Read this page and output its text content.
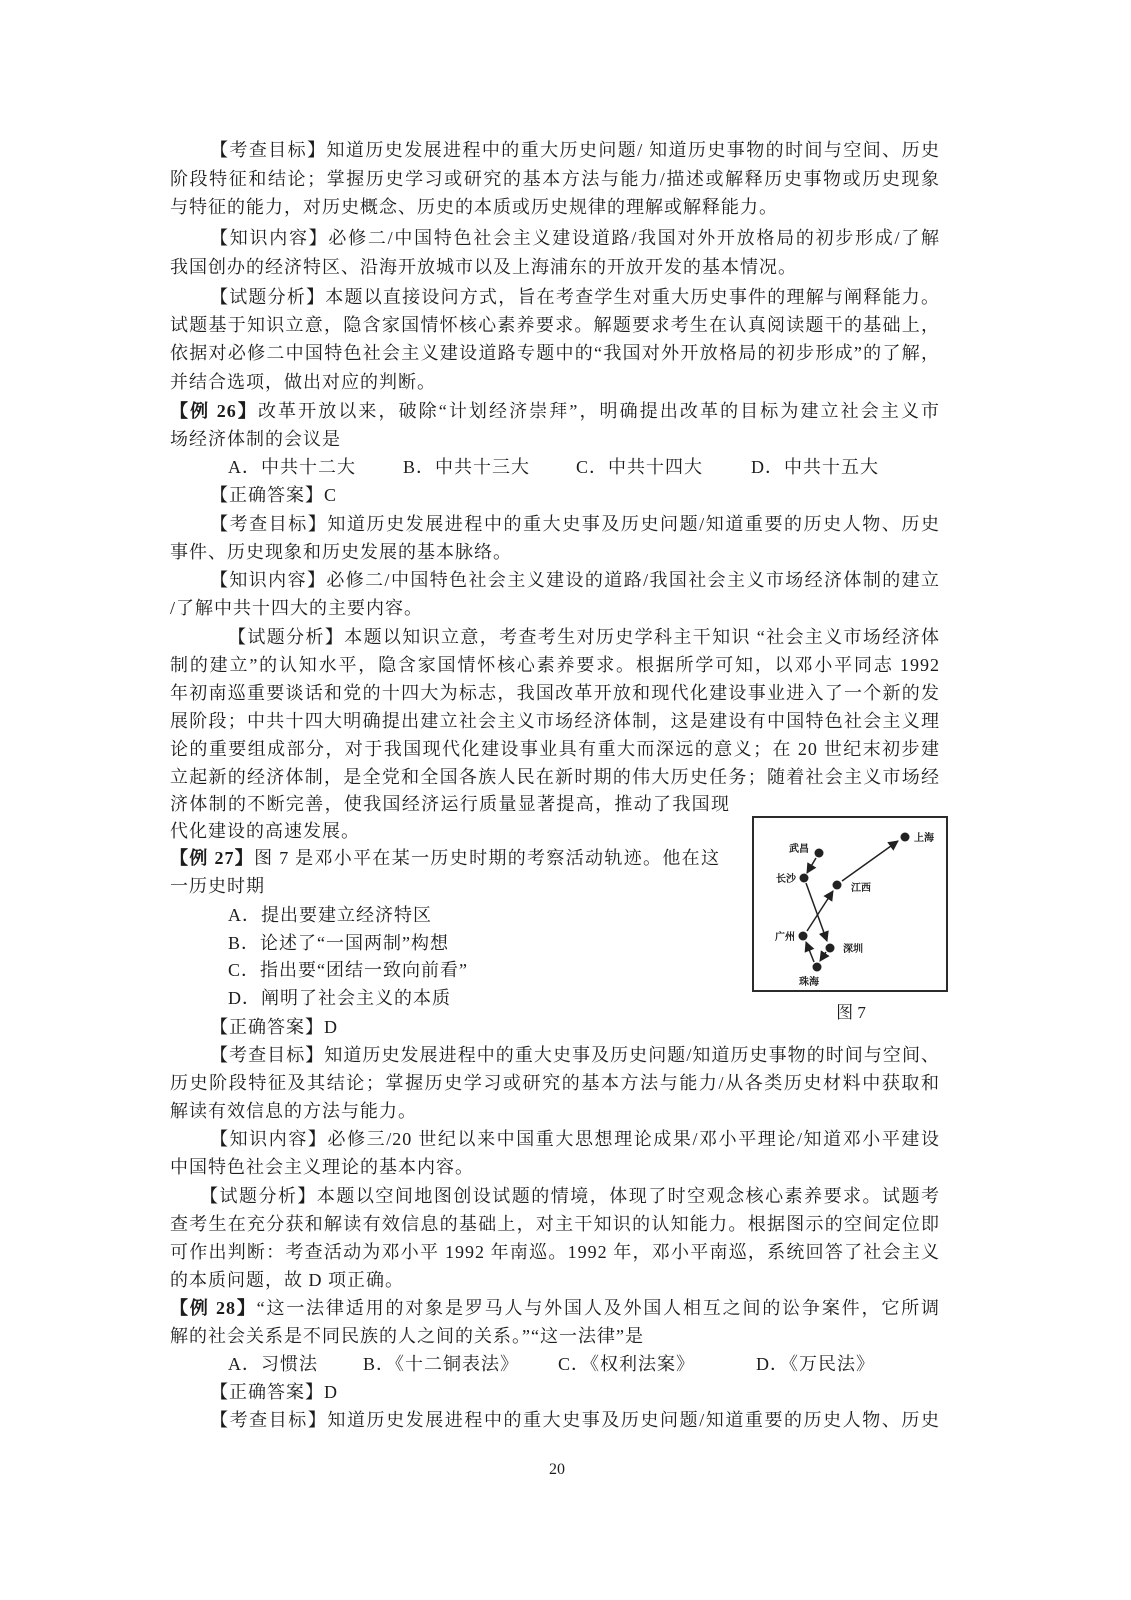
【考查目标】知道历史发展进程中的重大历史问题/ 知道历史事物的时间与空间、历史
阶段特征和结论；掌握历史学习或研究的基本方法与能力/描述或解释历史事物或历史现象
与特征的能力，对历史概念、历史的本质或历史规律的理解或解释能力。
【知识内容】必修二/中国特色社会主义建设道路/我国对外开放格局的初步形成/了解
我国创办的经济特区、沿海开放城市以及上海浦东的开放开发的基本情况。
【试题分析】本题以直接设问方式，旨在考查学生对重大历史事件的理解与阐释能力。
试题基于知识立意，隐含家国情怀核心素养要求。解题要求考生在认真阅读题干的基础上，
依据对必修二中国特色社会主义建设道路专题中的“我国对外开放格局的初步形成”的了解，
并结合选项，做出对应的判断。
【例 26】改革开放以来，破除“计划经济崇拜”，明确提出改革的目标为建立社会主义市
场经济体制的会议是
A．中共十二大	B．中共十三大	C．中共十四大	D．中共十五大
【正确答案】C
【考查目标】知道历史发展进程中的重大史事及历史问题/知道重要的历史人物、历史
事件、历史现象和历史发展的基本脉络。
【知识内容】必修二/中国特色社会主义建设的道路/我国社会主义市场经济体制的建立
/了解中共十四大的主要内容。
【试题分析】本题以知识立意，考查考生对历史学科主干知识 “社会主义市场经济体
制的建立”的认知水平，隐含家国情怀核心素养要求。根据所学可知，以邓小平同志 1992
年初南巡重要谈话和党的十四大为标志，我国改革开放和现代化建设事业进入了一个新的发
展阶段；中共十四大明确提出建立社会主义市场经济体制，这是建设有中国特色社会主义理
论的重要组成部分，对于我国现代化建设事业具有重大而深远的意义；在 20 世纪末初步建
立起新的经济体制，是全党和全国各族人民在新时期的伟大历史任务；随着社会主义市场经
济体制的不断完善，使我国经济运行质量显著提高，推动了我国现
代化建设的高速发展。
【例 27】图 7 是邓小平在某一历史时期的考察活动轨迹。他在这
一历史时期
A．提出要建立经济特区
B．论述了“一国两制”构想
C．指出要“团结一致向前看”
D．阐明了社会主义的本质
【正确答案】D
上海
武昌
长沙
江西
广州
深圳
珠海
图 7
【考查目标】知道历史发展进程中的重大史事及历史问题/知道历史事物的时间与空间、
历史阶段特征及其结论；掌握历史学习或研究的基本方法与能力/从各类历史材料中获取和
解读有效信息的方法与能力。
【知识内容】必修三/20 世纪以来中国重大思想理论成果/邓小平理论/知道邓小平建设
中国特色社会主义理论的基本内容。
【试题分析】本题以空间地图创设试题的情境，体现了时空观念核心素养要求。试题考
查考生在充分获和解读有效信息的基础上，对主干知识的认知能力。根据图示的空间定位即
可作出判断：考查活动为邓小平 1992 年南巡。1992 年，邓小平南巡，系统回答了社会主义
的本质问题，故 D 项正确。
【例 28】“这一法律适用的对象是罗马人与外国人及外国人相互之间的讼争案件，它所调
解的社会关系是不同民族的人之间的关系。”“这一法律”是
A．习惯法	B．《十二铜表法》 C．《权利法案》	D．《万民法》
【正确答案】D
【考查目标】知道历史发展进程中的重大史事及历史问题/知道重要的历史人物、历史
20
